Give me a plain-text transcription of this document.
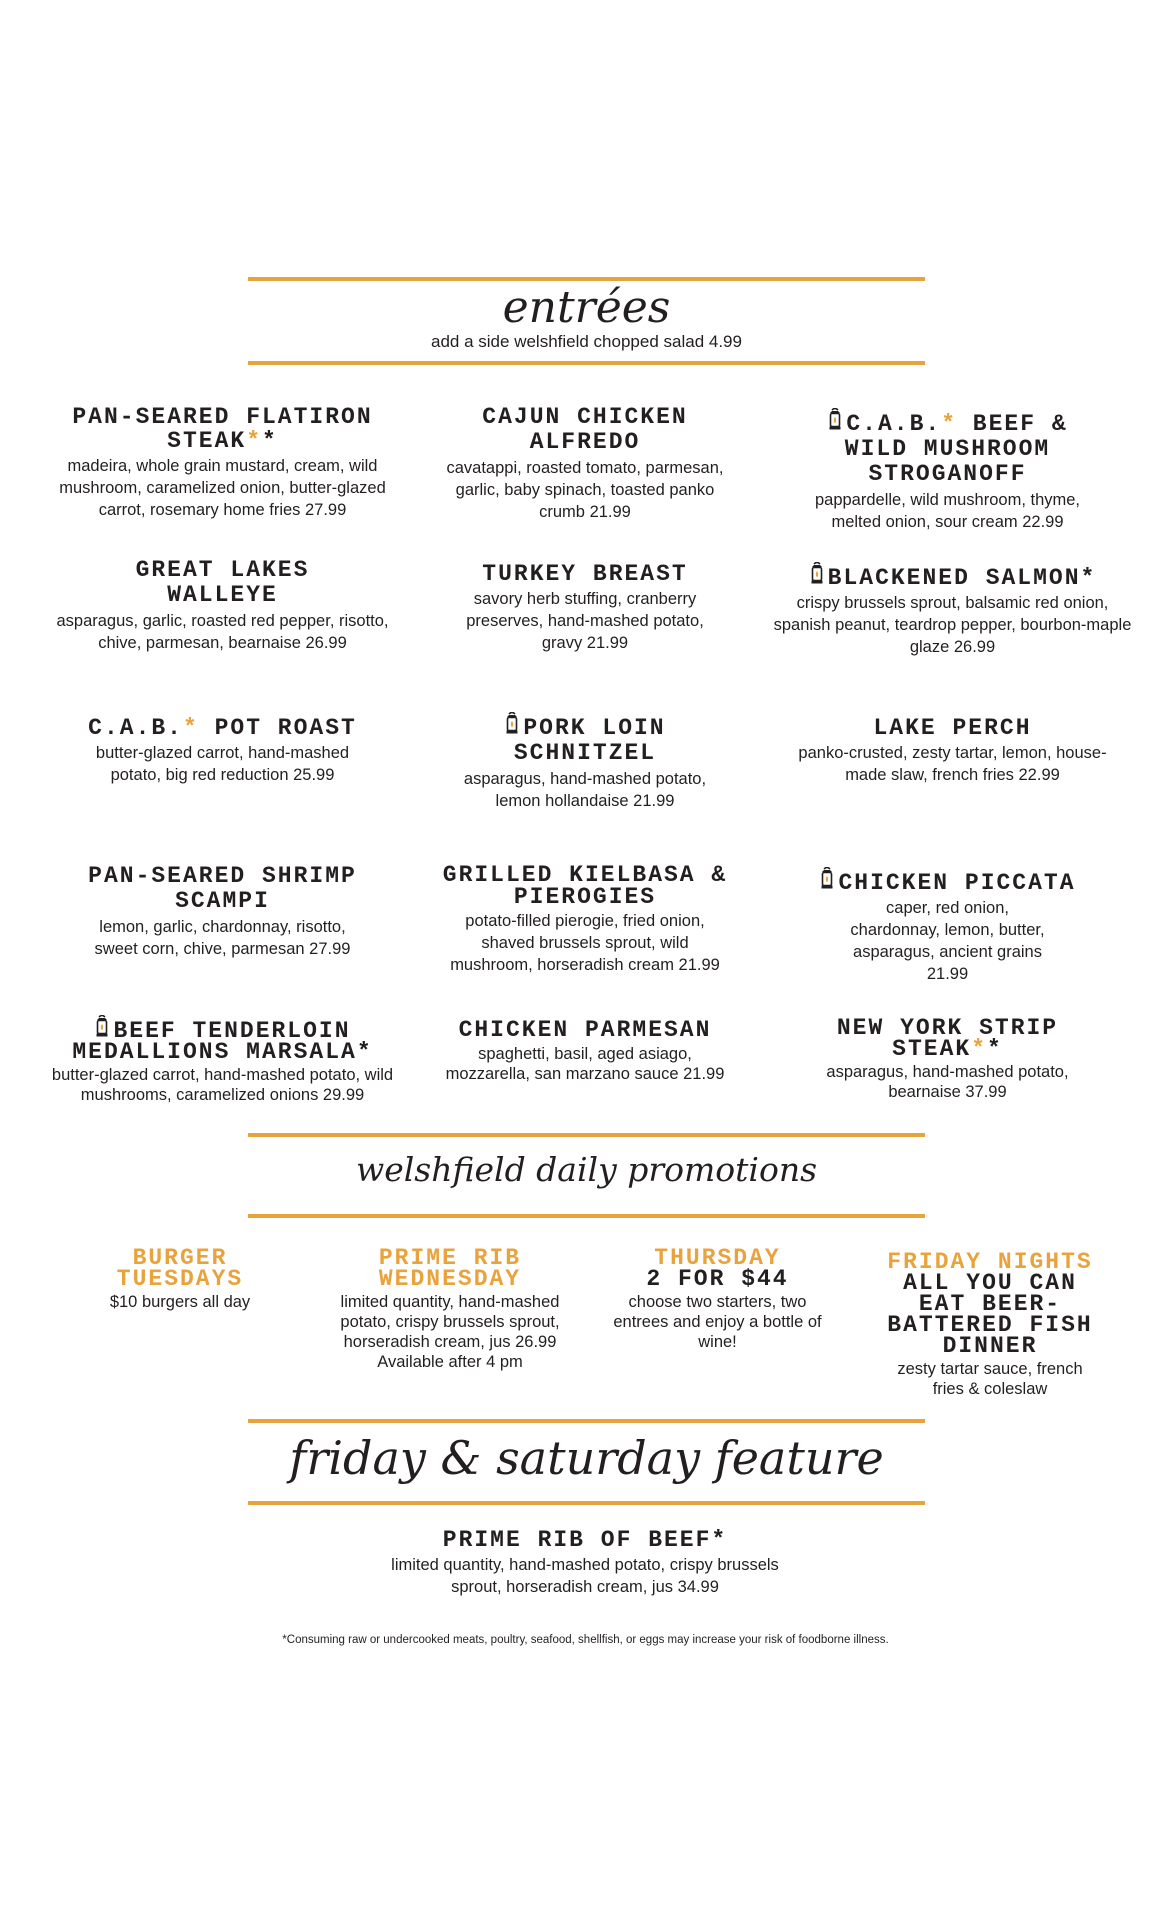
entrées
add a side welshfield chopped salad 4.99
PAN-SEARED FLATIRON STEAK**
madeira, whole grain mustard, cream, wild mushroom, caramelized onion, butter-glazed carrot, rosemary home fries 27.99
CAJUN CHICKEN ALFREDO
cavatappi, roasted tomato, parmesan, garlic, baby spinach, toasted panko crumb 21.99
C.A.B.* BEEF & WILD MUSHROOM STROGANOFF
pappardelle, wild mushroom, thyme, melted onion, sour cream 22.99
GREAT LAKES WALLEYE
asparagus, garlic, roasted red pepper, risotto, chive, parmesan, bearnaise 26.99
TURKEY BREAST
savory herb stuffing, cranberry preserves, hand-mashed potato, gravy 21.99
BLACKENED SALMON*
crispy brussels sprout, balsamic red onion, spanish peanut, teardrop pepper, bourbon-maple glaze 26.99
C.A.B.* POT ROAST
butter-glazed carrot, hand-mashed potato, big red reduction 25.99
PORK LOIN SCHNITZEL
asparagus, hand-mashed potato, lemon hollandaise 21.99
LAKE PERCH
panko-crusted, zesty tartar, lemon, house-made slaw, french fries 22.99
PAN-SEARED SHRIMP SCAMPI
lemon, garlic, chardonnay, risotto, sweet corn, chive, parmesan 27.99
GRILLED KIELBASA & PIEROGIES
potato-filled pierogie, fried onion, shaved brussels sprout, wild mushroom, horseradish cream 21.99
CHICKEN PICCATA
caper, red onion, chardonnay, lemon, butter, asparagus, ancient grains 21.99
BEEF TENDERLOIN MEDALLIONS MARSALA*
butter-glazed carrot, hand-mashed potato, wild mushrooms, caramelized onions 29.99
CHICKEN PARMESAN
spaghetti, basil, aged asiago, mozzarella, san marzano sauce 21.99
NEW YORK STRIP STEAK**
asparagus, hand-mashed potato, bearnaise 37.99
welshfield daily promotions
BURGER TUESDAYS
$10 burgers all day
PRIME RIB WEDNESDAY
limited quantity, hand-mashed potato, crispy brussels sprout, horseradish cream, jus 26.99
Available after 4 pm
THURSDAY
2 FOR $44
choose two starters, two entrees and enjoy a bottle of wine!
FRIDAY NIGHTS
ALL YOU CAN EAT BEER-BATTERED FISH DINNER
zesty tartar sauce, french fries & coleslaw
friday & saturday feature
PRIME RIB OF BEEF*
limited quantity, hand-mashed potato, crispy brussels sprout, horseradish cream, jus 34.99
*Consuming raw or undercooked meats, poultry, seafood, shellfish, or eggs may increase your risk of foodborne illness.
